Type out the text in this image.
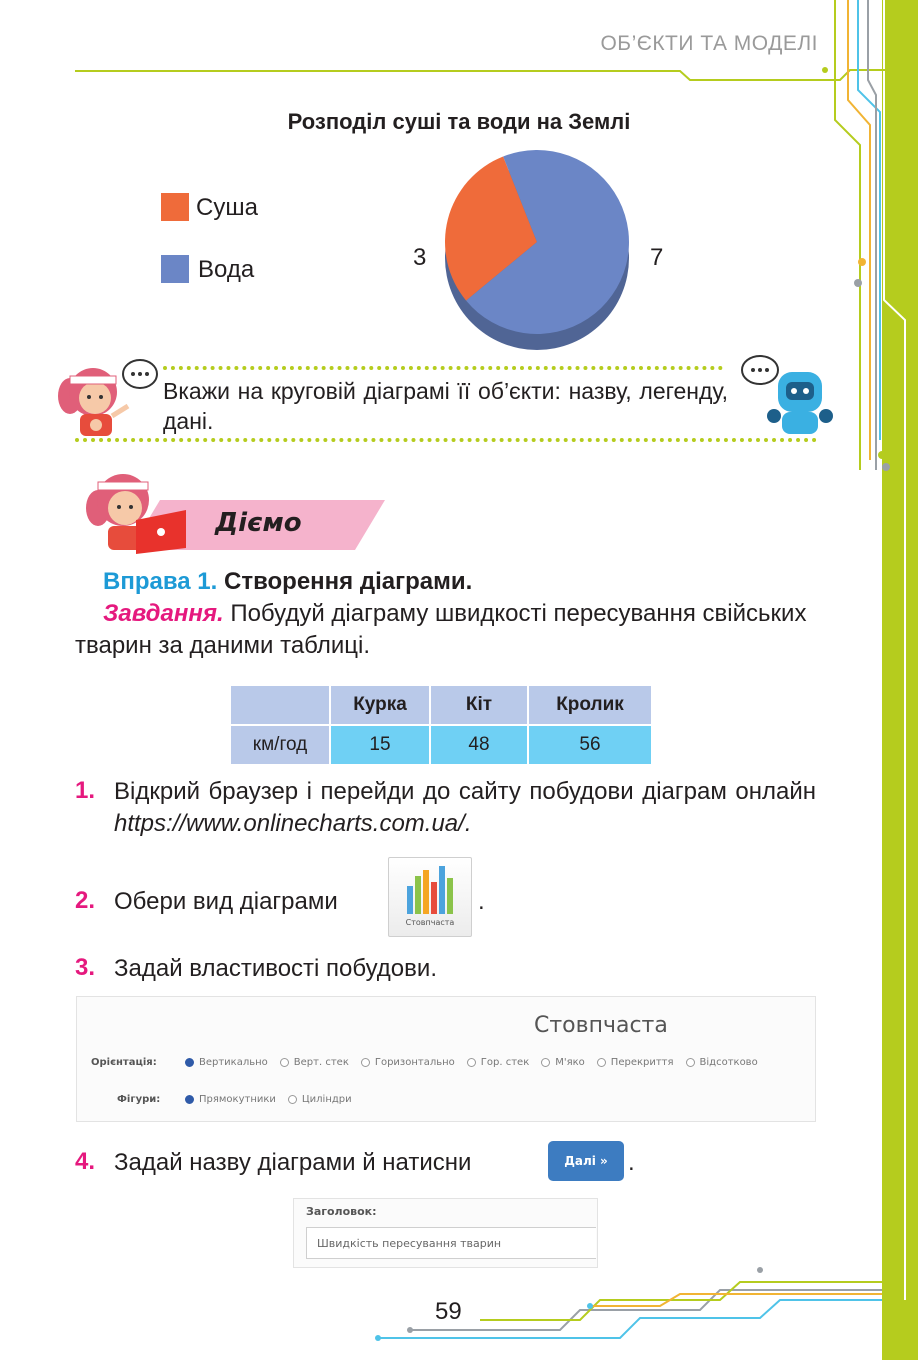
ОБ’ЄКТИ ТА МОДЕЛІ
Розподіл суші та води на Землі
Суша
Вода	3	7
Вкажи на круговій діаграмі її об’єкти: назву, легенду, дані.
Дiємо
Вправа 1. Створення діаграми.
Завдання. Побудуй діаграму швидкості пересування свійських тварин за даними таблиці.
	Курка	Кіт	Кролик
км/год	15	48	56
1. Відкрий браузер і перейди до сайту побудови діаграм онлайн https://www.onlinecharts.com.ua/.
2. Обери вид діаграми
Стовпчаста
.
3. Задай властивості побудови.
Стовпчаста
Орієнтація:	Вертикально	Верт. стек	Горизонтально	Гор. стек	М'яко	Перекриття	Відсотково
Фігури:	Прямокутники	Циліндри
4. Задай назву діаграми й натисни	Далі » .
Заголовок:
Швидкість пересування тварин
59
